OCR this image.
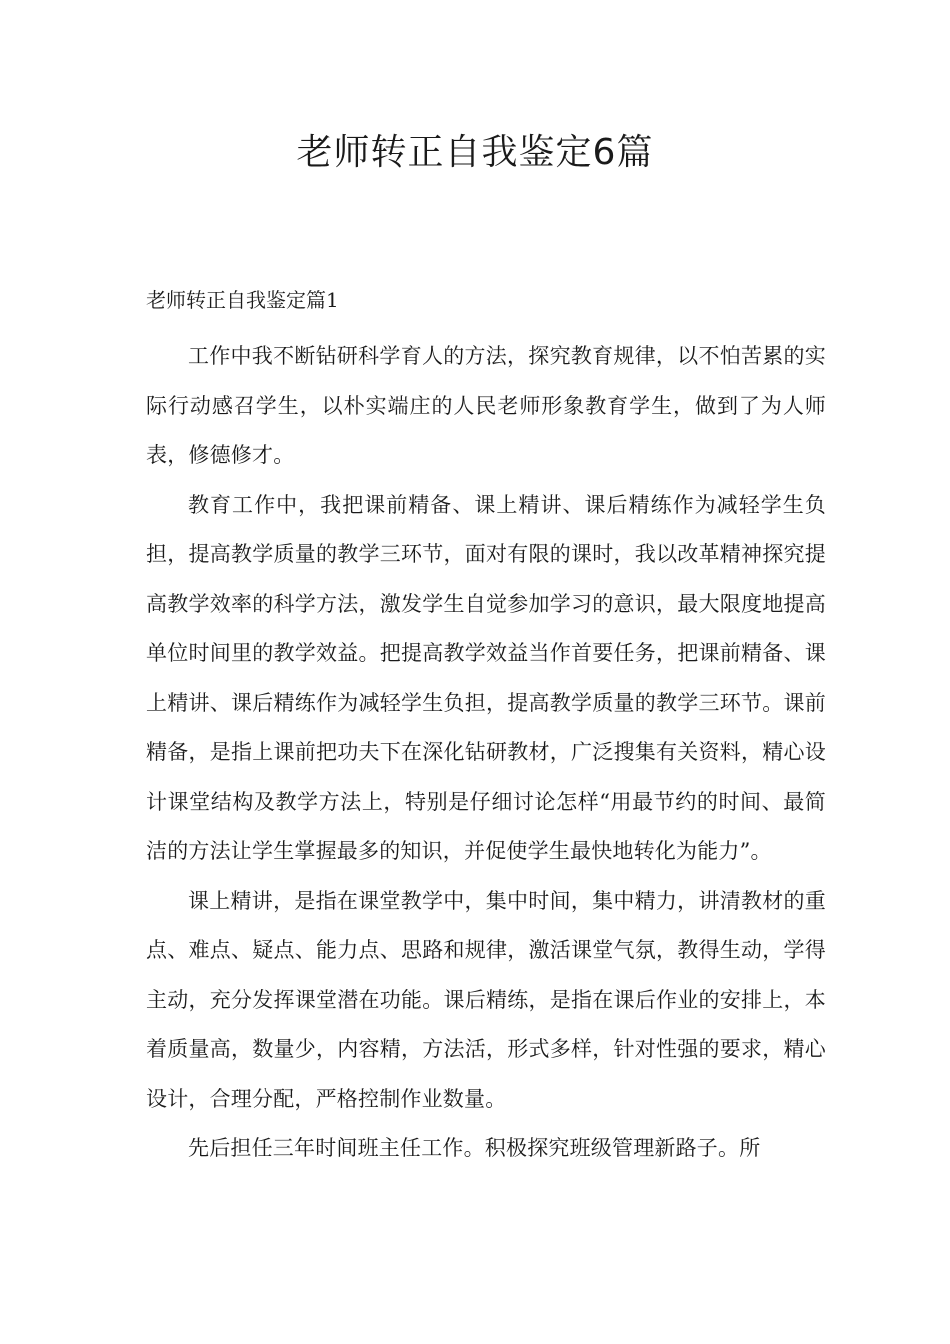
老师转正自我鉴定6篇

老师转正自我鉴定篇1

工作中我不断钻研科学育人的方法，探究教育规律，以不怕苦累的实际行动感召学生，以朴实端庄的人民老师形象教育学生，做到了为人师表，修德修才。

教育工作中，我把课前精备、课上精讲、课后精练作为减轻学生负担，提高教学质量的教学三环节，面对有限的课时，我以改革精神探究提高教学效率的科学方法，激发学生自觉参加学习的意识，最大限度地提高单位时间里的教学效益。把提高教学效益当作首要任务，把课前精备、课上精讲、课后精练作为减轻学生负担，提高教学质量的教学三环节。课前精备，是指上课前把功夫下在深化钻研教材，广泛搜集有关资料，精心设计课堂结构及教学方法上，特别是仔细讨论怎样“用最节约的时间、最简洁的方法让学生掌握最多的知识，并促使学生最快地转化为能力”。

课上精讲，是指在课堂教学中，集中时间，集中精力，讲清教材的重点、难点、疑点、能力点、思路和规律，激活课堂气氛，教得生动，学得主动，充分发挥课堂潜在功能。课后精练，是指在课后作业的安排上，本着质量高，数量少，内容精，方法活，形式多样，针对性强的要求，精心设计，合理分配，严格控制作业数量。

先后担任三年时间班主任工作。积极探究班级管理新路子。所
